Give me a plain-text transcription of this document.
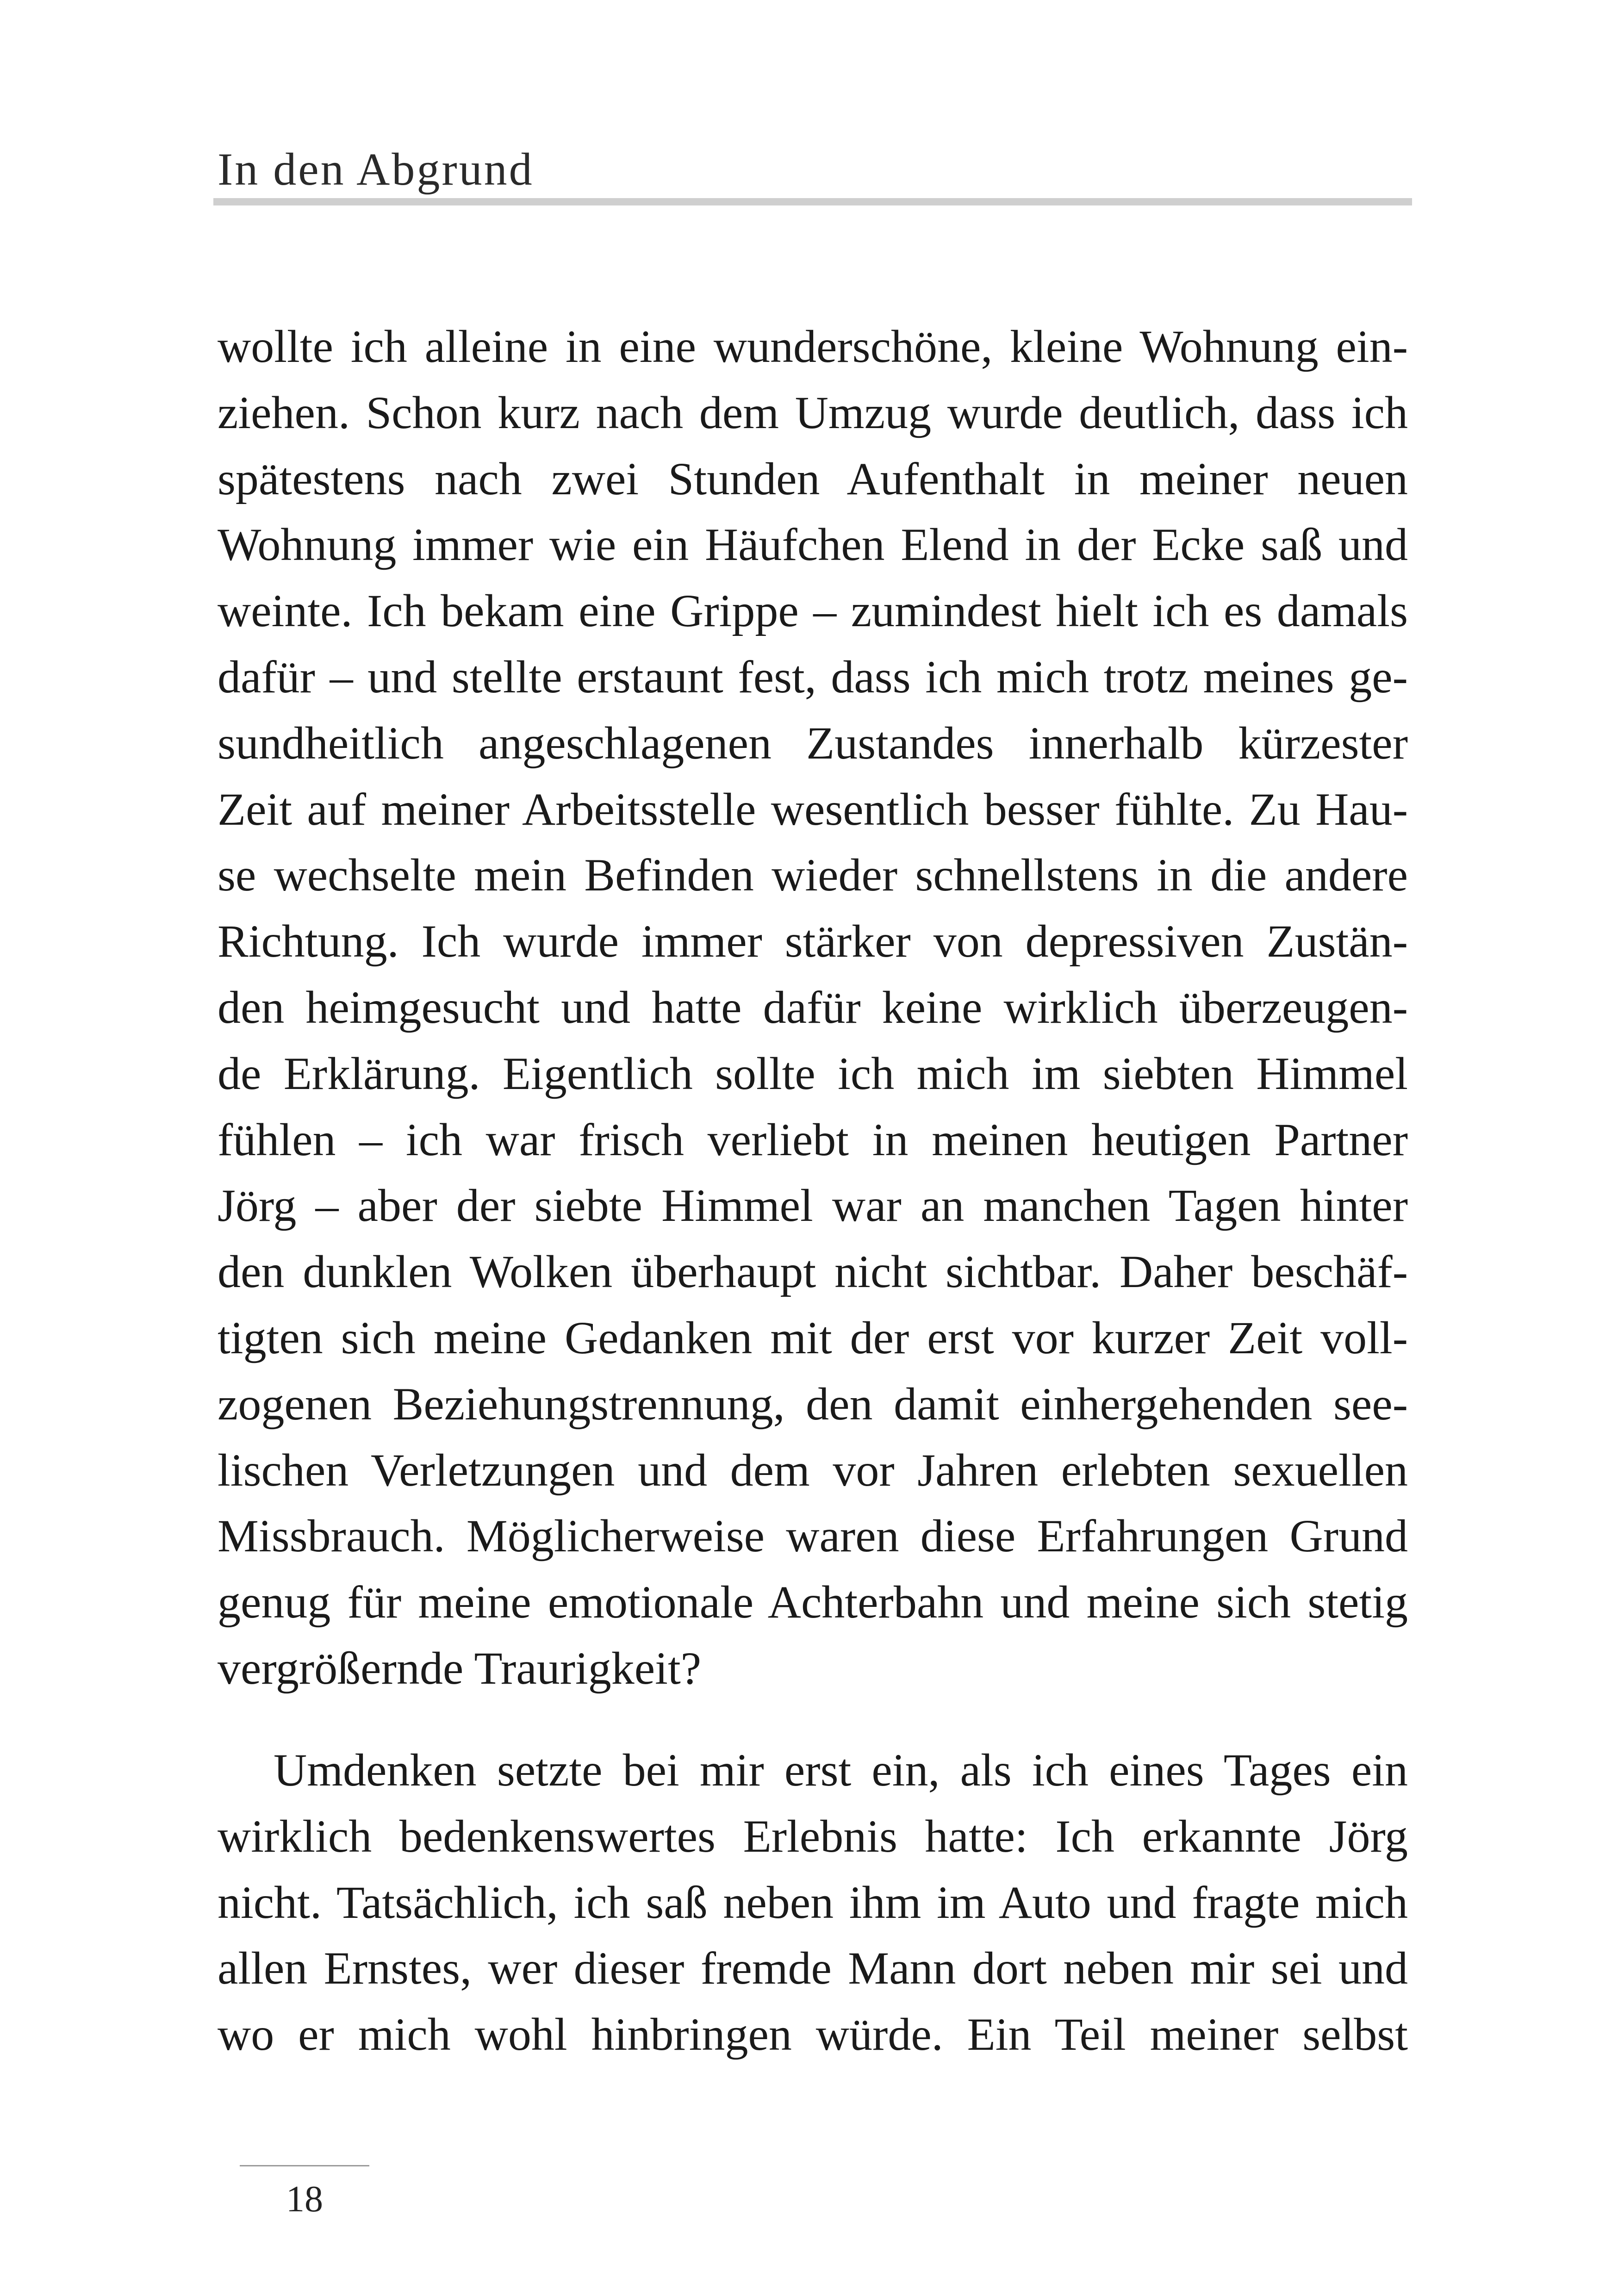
In den Abgrund
wollte ich alleine in eine wunderschöne, kleine Wohnung ein-
ziehen. Schon kurz nach dem Umzug wurde deutlich, dass ich
spätestens nach zwei Stunden Aufenthalt in meiner neuen
Wohnung immer wie ein Häufchen Elend in der Ecke saß und
weinte. Ich bekam eine Grippe – zumindest hielt ich es damals
dafür – und stellte erstaunt fest, dass ich mich trotz meines ge-
sundheitlich angeschlagenen Zustandes innerhalb kürzester
Zeit auf meiner Arbeitsstelle wesentlich besser fühlte. Zu Hau-
se wechselte mein Befinden wieder schnellstens in die andere
Richtung. Ich wurde immer stärker von depressiven Zustän-
den heimgesucht und hatte dafür keine wirklich überzeugen-
de Erklärung. Eigentlich sollte ich mich im siebten Himmel
fühlen – ich war frisch verliebt in meinen heutigen Partner
Jörg – aber der siebte Himmel war an manchen Tagen hinter
den dunklen Wolken überhaupt nicht sichtbar. Daher beschäf-
tigten sich meine Gedanken mit der erst vor kurzer Zeit voll-
zogenen Beziehungstrennung, den damit einhergehenden see-
lischen Verletzungen und dem vor Jahren erlebten sexuellen
Missbrauch. Möglicherweise waren diese Erfahrungen Grund
genug für meine emotionale Achterbahn und meine sich stetig
vergrößernde Traurigkeit?
Umdenken setzte bei mir erst ein, als ich eines Tages ein
wirklich bedenkenswertes Erlebnis hatte: Ich erkannte Jörg
nicht. Tatsächlich, ich saß neben ihm im Auto und fragte mich
allen Ernstes, wer dieser fremde Mann dort neben mir sei und
wo er mich wohl hinbringen würde. Ein Teil meiner selbst
18
